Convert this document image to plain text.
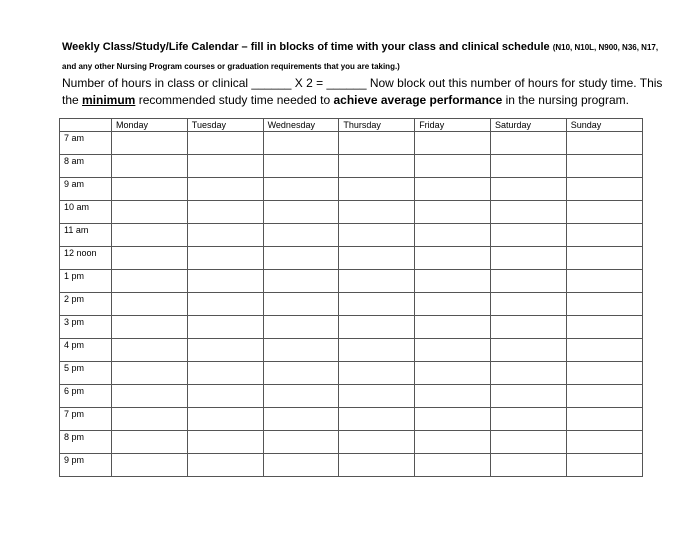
Weekly Class/Study/Life Calendar – fill in blocks of time with your class and clinical schedule (N10, N10L, N900, N36, N17, and any other Nursing Program courses or graduation requirements that you are taking.)
Number of hours in class or clinical ______ X 2 = ______ Now block out this number of hours for study time. This the minimum recommended study time needed to achieve average performance in the nursing program.
	Monday	Tuesday	Wednesday	Thursday	Friday	Saturday	Sunday
7 am							
8 am							
9 am							
10 am							
11 am							
12 noon							
1 pm							
2 pm							
3 pm							
4 pm							
5 pm							
6 pm							
7 pm							
8 pm							
9 pm							
